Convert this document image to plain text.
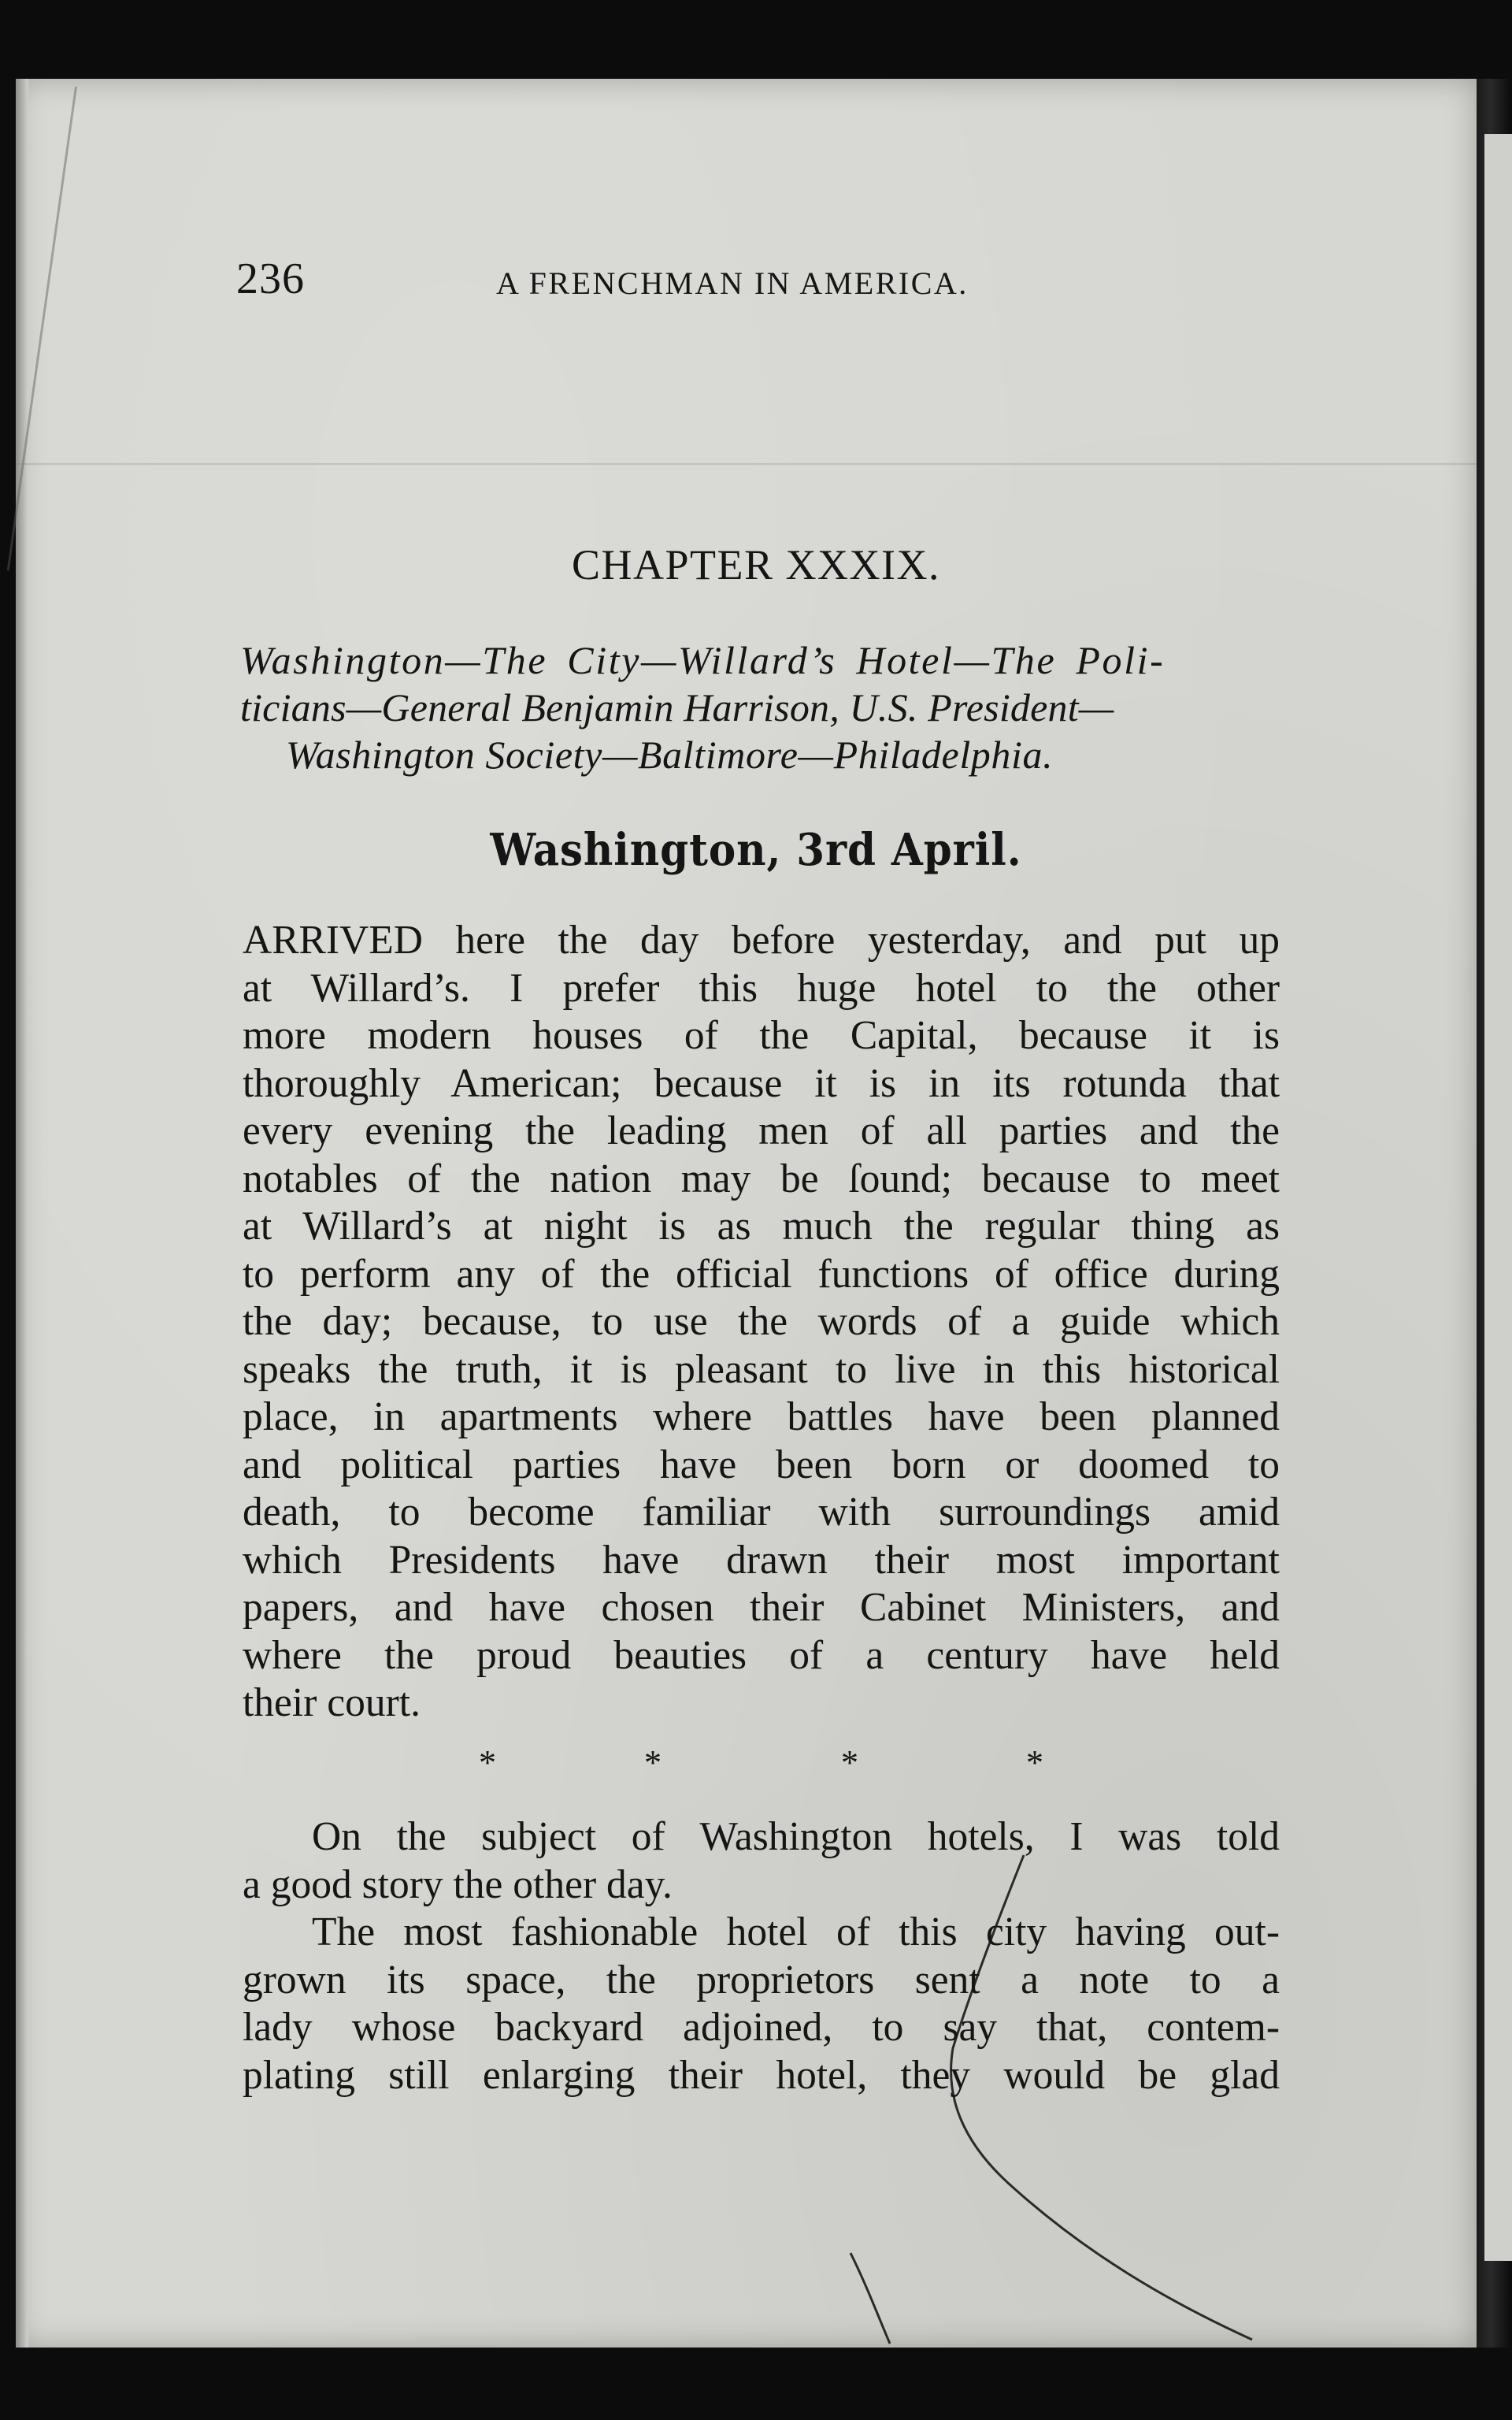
236	A FRENCHMAN IN AMERICA.
CHAPTER XXXIX.
Washington—The City—Willard’s Hotel—The Poli-
ticians—General Benjamin Harrison, U.S. President—
Washington Society—Baltimore—Philadelphia.
Washington, 3rd April.
ARRIVED here the day before yesterday, and put up
at Willard’s. I prefer this huge hotel to the other
more modern houses of the Capital, because it is
thoroughly American; because it is in its rotunda that
every evening the leading men of all parties and the
notables of the nation may be ſound; because to meet
at Willard’s at night is as much the regular thing as
to perform any of the official functions of office during
the day; because, to use the words of a guide which
speaks the truth, it is pleasant to live in this historical
place, in apartments where battles have been planned
and political parties have been born or doomed to
death, to become familiar with surroundings amid
which Presidents have drawn their most important
papers, and have chosen their Cabinet Ministers, and
where the proud beauties of a century have held
their court.
*	*	*	*
On the subject of Washington hotels, I was told
a good story the other day.
The most fashionable hotel of this city having out-
grown its space, the proprietors sent a note to a
lady whose backyard adjoined, to say that, contem-
plating still enlarging their hotel, they would be glad
